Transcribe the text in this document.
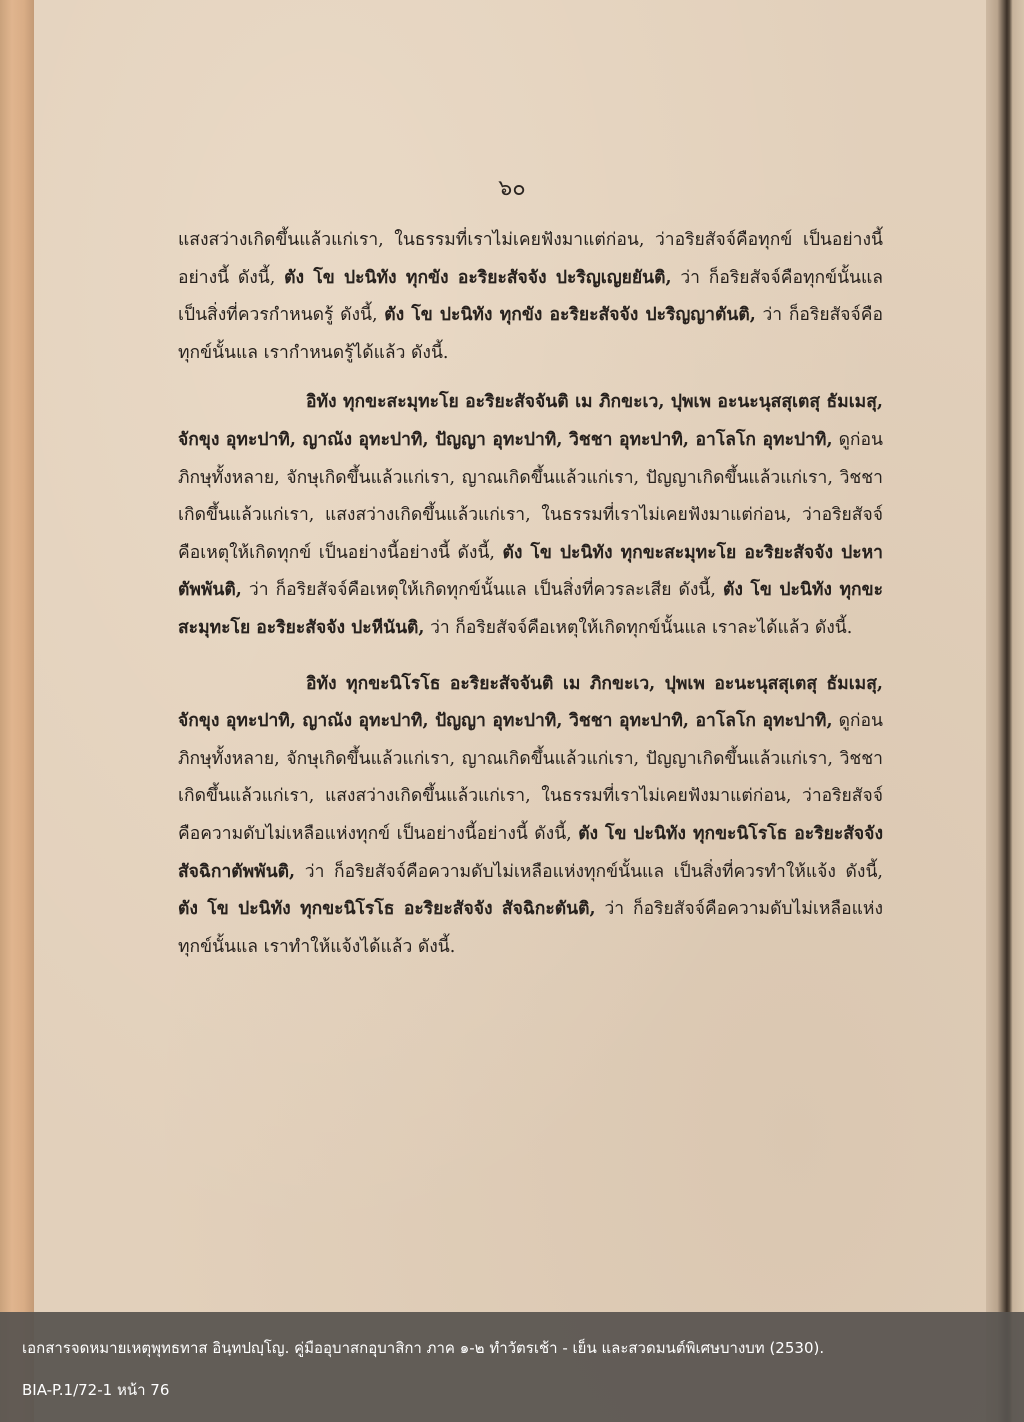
๖๐

แสงสว่างเกิดขึ้นแล้วแก่เรา, ในธรรมที่เราไม่เคยฟังมาแต่ก่อน, ว่าอริยสัจจ์คือทุกข์ เป็นอย่างนี้อย่างนี้ ดังนี้, ตัง โข ปะนิทัง ทุกขัง อะริยะสัจจัง ปะริญเญยยันติ, ว่า ก็อริยสัจจ์คือทุกข์นั้นแล เป็นสิ่งที่ควรกำหนดรู้ ดังนี้, ตัง โข ปะนิทัง ทุกขัง อะริยะสัจจัง ปะริญญาตันติ, ว่า ก็อริยสัจจ์คือทุกข์นั้นแล เรากำหนดรู้ได้แล้ว ดังนี้.

อิทัง ทุกขะสะมุทะโย อะริยะสัจจันติ เม ภิกขะเว, ปุพเพ อะนะนุสสุเตสุ ธัมเมสุ, จักขุง อุทะปาทิ, ญาณัง อุทะปาทิ, ปัญญา อุทะปาทิ, วิชชา อุทะปาทิ, อาโลโก อุทะปาทิ, ดูก่อนภิกษุทั้งหลาย, จักษุเกิดขึ้นแล้วแก่เรา, ญาณเกิดขึ้นแล้วแก่เรา, ปัญญาเกิดขึ้นแล้วแก่เรา, วิชชาเกิดขึ้นแล้วแก่เรา, แสงสว่างเกิดขึ้นแล้วแก่เรา, ในธรรมที่เราไม่เคยฟังมาแต่ก่อน, ว่าอริยสัจจ์คือเหตุให้เกิดทุกข์ เป็นอย่างนี้อย่างนี้ ดังนี้, ตัง โข ปะนิทัง ทุกขะสะมุทะโย อะริยะสัจจัง ปะหาตัพพันติ, ว่า ก็อริยสัจจ์คือเหตุให้เกิดทุกข์นั้นแล เป็นสิ่งที่ควรละเสีย ดังนี้, ตัง โข ปะนิทัง ทุกขะสะมุทะโย อะริยะสัจจัง ปะหีนันติ, ว่า ก็อริยสัจจ์คือเหตุให้เกิดทุกข์นั้นแล เราละได้แล้ว ดังนี้.

อิทัง ทุกขะนิโรโธ อะริยะสัจจันติ เม ภิกขะเว, ปุพเพ อะนะนุสสุเตสุ ธัมเมสุ, จักขุง อุทะปาทิ, ญาณัง อุทะปาทิ, ปัญญา อุทะปาทิ, วิชชา อุทะปาทิ, อาโลโก อุทะปาทิ, ดูก่อนภิกษุทั้งหลาย, จักษุเกิดขึ้นแล้วแก่เรา, ญาณเกิดขึ้นแล้วแก่เรา, ปัญญาเกิดขึ้นแล้วแก่เรา, วิชชาเกิดขึ้นแล้วแก่เรา, แสงสว่างเกิดขึ้นแล้วแก่เรา, ในธรรมที่เราไม่เคยฟังมาแต่ก่อน, ว่าอริยสัจจ์คือความดับไม่เหลือแห่งทุกข์ เป็นอย่างนี้อย่างนี้ ดังนี้, ตัง โข ปะนิทัง ทุกขะนิโรโธ อะริยะสัจจัง สัจฉิกาตัพพันติ, ว่า ก็อริยสัจจ์คือความดับไม่เหลือแห่งทุกข์นั้นแล เป็นสิ่งที่ควรทำให้แจ้ง ดังนี้, ตัง โข ปะนิทัง ทุกขะนิโรโธ อะริยะสัจจัง สัจฉิกะตันติ, ว่า ก็อริยสัจจ์คือความดับไม่เหลือแห่งทุกข์นั้นแล เราทำให้แจ้งได้แล้ว ดังนี้.

เอกสารจดหมายเหตุพุทธทาส อินฺทปญฺโญ. คู่มืออุบาสกอุบาสิกา ภาค ๑-๒ ทำวัตรเช้า - เย็น และสวดมนต์พิเศษบางบท (2530).
BIA-P.1/72-1 หน้า 76
